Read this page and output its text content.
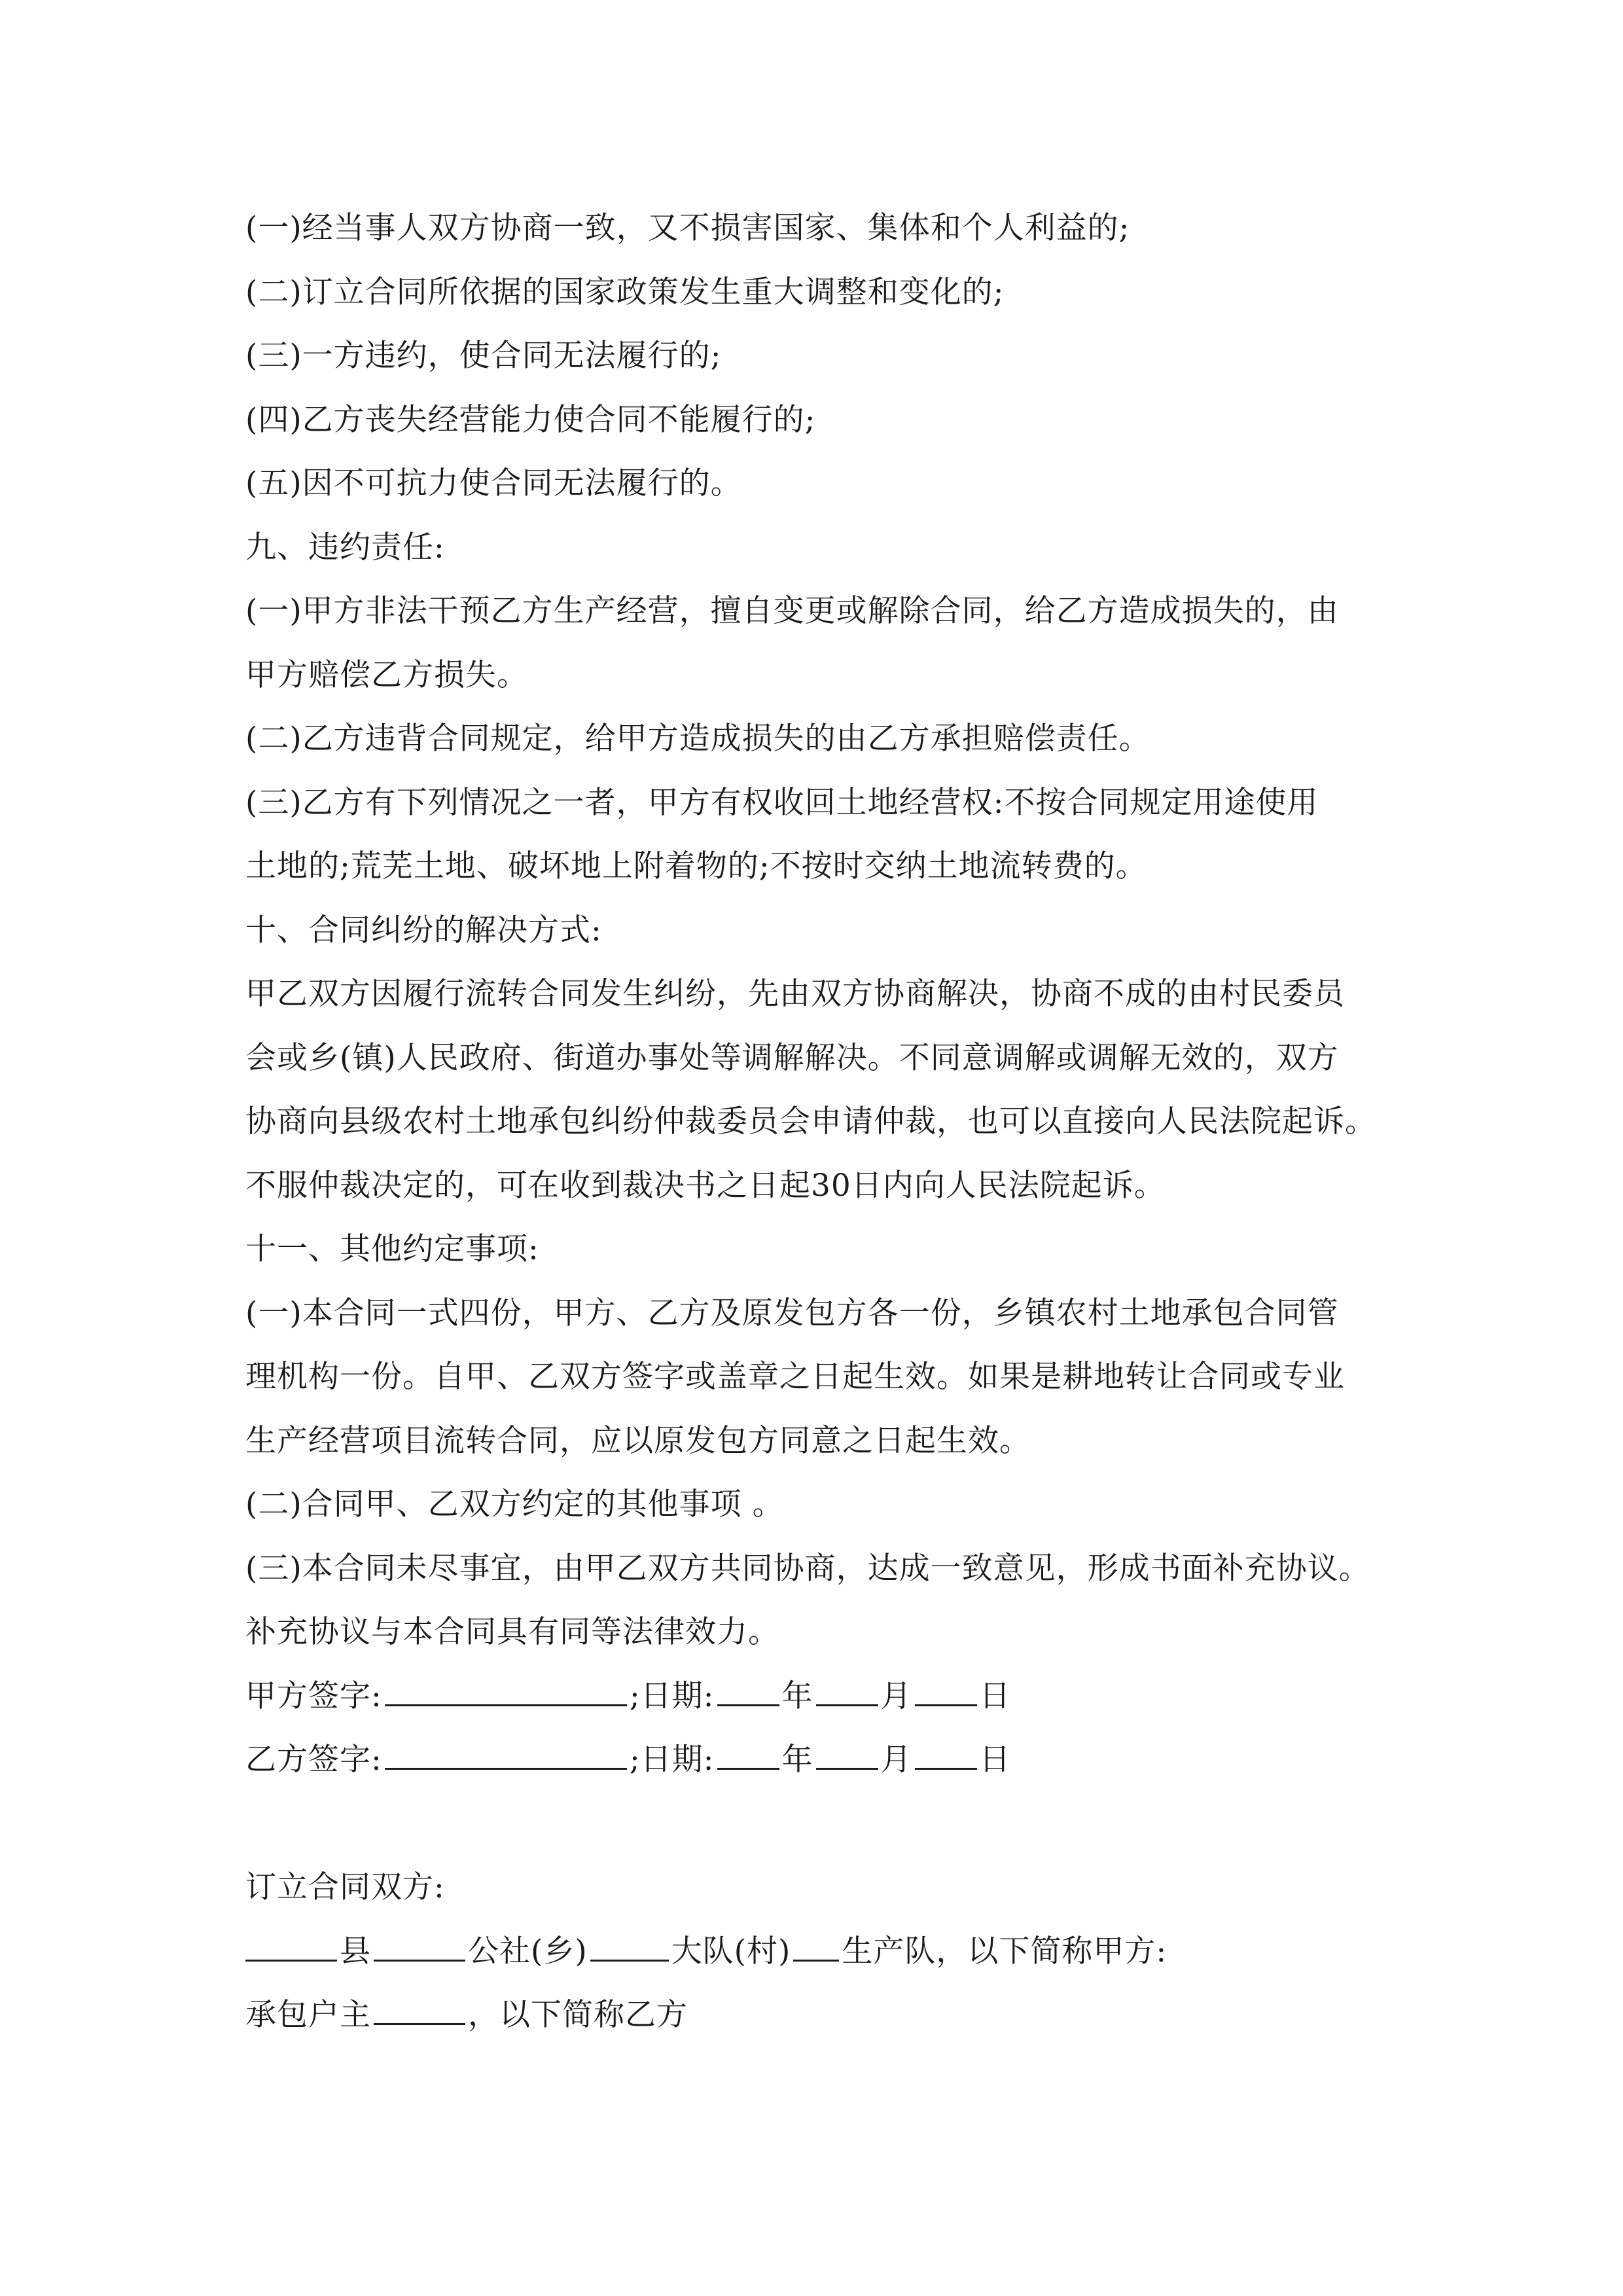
(一)经当事人双方协商一致，又不损害国家、集体和个人利益的;
(二)订立合同所依据的国家政策发生重大调整和变化的;
(三)一方违约，使合同无法履行的;
(四)乙方丧失经营能力使合同不能履行的;
(五)因不可抗力使合同无法履行的。
九、违约责任:
(一)甲方非法干预乙方生产经营，擅自变更或解除合同，给乙方造成损失的，由
甲方赔偿乙方损失。
(二)乙方违背合同规定，给甲方造成损失的由乙方承担赔偿责任。
(三)乙方有下列情况之一者，甲方有权收回土地经营权:不按合同规定用途使用
土地的;荒芜土地、破坏地上附着物的;不按时交纳土地流转费的。
十、合同纠纷的解决方式:
甲乙双方因履行流转合同发生纠纷，先由双方协商解决，协商不成的由村民委员
会或乡(镇)人民政府、街道办事处等调解解决。不同意调解或调解无效的，双方
协商向县级农村土地承包纠纷仲裁委员会申请仲裁，也可以直接向人民法院起诉。
不服仲裁决定的，可在收到裁决书之日起30日内向人民法院起诉。
十一、其他约定事项:
(一)本合同一式四份，甲方、乙方及原发包方各一份，乡镇农村土地承包合同管
理机构一份。自甲、乙双方签字或盖章之日起生效。如果是耕地转让合同或专业
生产经营项目流转合同，应以原发包方同意之日起生效。
(二)合同甲、乙双方约定的其他事项 。
(三)本合同未尽事宜，由甲乙双方共同协商，达成一致意见，形成书面补充协议。
补充协议与本合同具有同等法律效力。
甲方签字:	;日期: 年 月 日
乙方签字:	;日期: 年 月 日
订立合同双方:
县	公社(乡)	大队(村) 生产队，以下简称甲方:
承包户主	，以下简称乙方
